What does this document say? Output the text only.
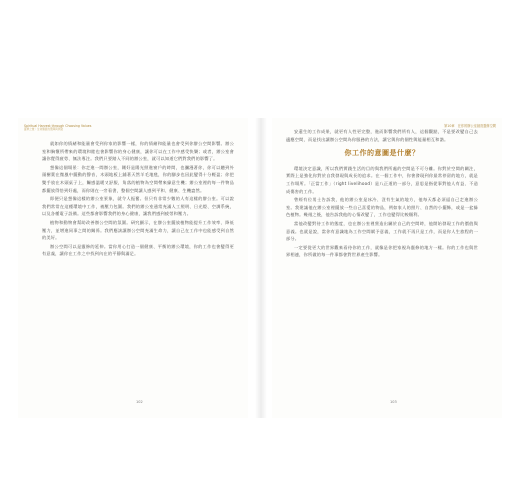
Spiritual Harvest through Choosing Values
靈修之旅｜生命價值的選擇與實踐

就如你的情緒和能量會受到你家的影響一樣，你的情緒和能量也會受到你辦公空間影響。辦公室和胸懷所帶來的環境和睦也會影響你的身心健康，讓你可以在工作中感受快樂；或者，辦公室會讓你覺得疲勞、無法專注。我們只要踏入不同的辦公室，就可以知道它們對我們的影響了。

想像這個場景：你走進一間辦公室，剛好是陽光照進窗戶的時間，也瀰漫著你，你可以聽到外頭樹葉在微風中擺動的聲音，木頭地板上鋪著天然羊毛地毯，你的腳步也因此變得十分輕盈；你把雙手放在木頭桌子上，觸感溫暖又舒服，角落的植物為空間帶來綠意生機；辦公室裡的每一件物品都擺放得恰到好處，而你則在一旁看書，整個空間讓人感到平和、健康、生機盎然。

即便只是想像這樣的辦公室景象，就令人振奮。但只有非常少數的人有這樣的辦公室。可以說我們常常在這種環境中工作，被壓力包圍。我們的辦公室通常充滿人工照明、日光燈、空調系統，以及各種電子設備。這些都會影響我們的身心健康，讓我們感到疲勞和壓力。

植物和動物會幫助改善辦公空間的氛圍。研究顯示，在辦公室擺放植物能提升工作效率、降低壓力，並增進同事之間的關係。我們應該讓辦公空間充滿生命力，讓自己在工作中也能感受到自然的美好。

辦公空間可以是靈修的延伸。當你用心打造一個健康、平衡的辦公環境，你的工作也會變得更有意義，讓你在工作之中找到內在的平靜與滿足。

102
第10章　在你的辦公室創造靈修空間

安還生的工作成果，就更有人性更完整，進而影響我們所有人，這個觀點，不是要改變自己去適應空間，而是找出讓辦公空間為你服務的方法，讓它與你的個性與能量相互和諧。

你工作的意圖是什麼？

環境決定意識，所以我們實踐生活的目的與我們所處的空間是不可分離。你對於空間的關注，實際上是強化你對於自我發現與成長的追求。在一個工作中，你會發現到你最常停留的地方，就是工作場所。「正當工作」（right livelihood）是八正道的一部分，意思是指從事對他人有益、不造成傷害的工作。

曾經有位男士告訴我，他的辦公室是冰冷、沒有生氣的地方，他每天都必須逼自己走進辦公室。我建議他在辦公室裡擺放一些自己喜愛的物品，例如家人的照片、自然的小擺飾，或是一盆綠色植物。幾週之後，他告訴我他的心情改變了，工作也變得比較順利。

當他改變對待工作的態度，也在辦公室裡營造出屬於自己的空間時，他開始發現工作的價值與意義。也就是說，當你有意識地為工作空間賦予意義，工作就不再只是工作，而是你人生旅程的一部分。

一定要從更大的世界觀來看待你的工作，就像是你把家視為靈修的地方一樣。你的工作也與世界相連，你所做的每一件事都會對世界產生影響。

103
